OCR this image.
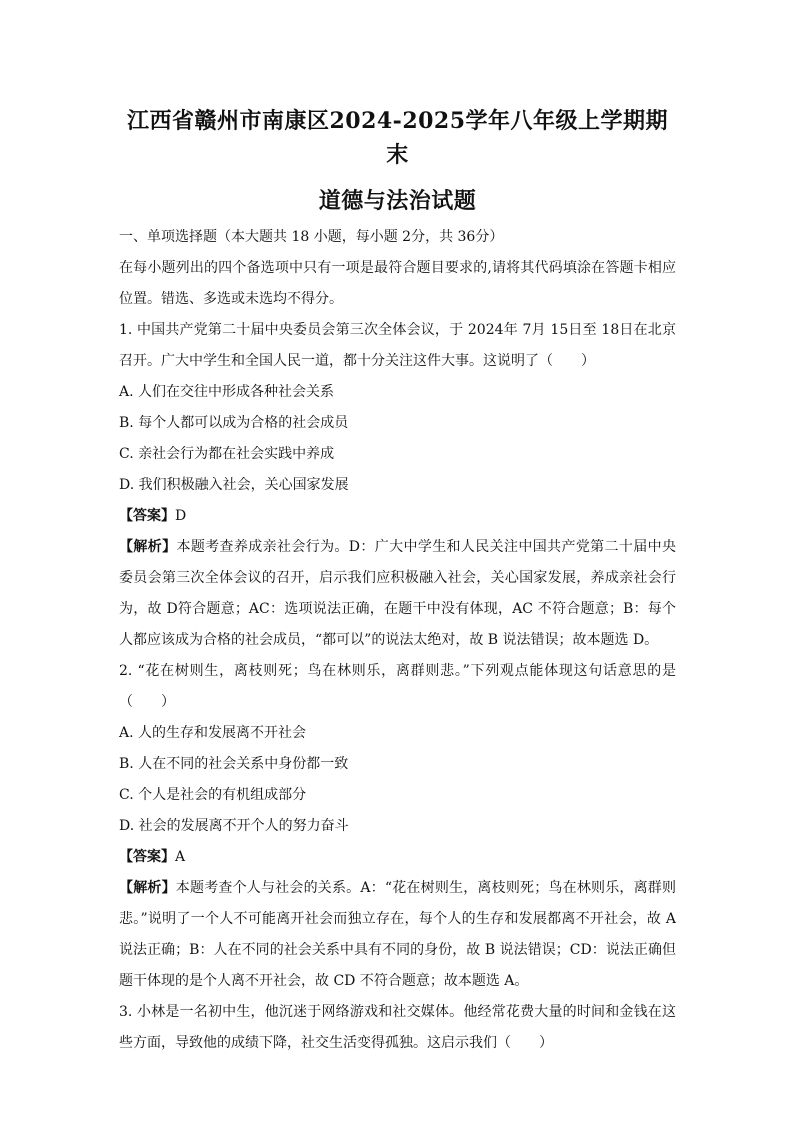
江西省赣州市南康区2024-2025学年八年级上学期期末
道德与法治试题
一、单项选择题（本大题共 18 小题，每小题 2分，共 36分）
在每小题列出的四个备选项中只有一项是最符合题目要求的,请将其代码填涂在答题卡相应位置。错选、多选或未选均不得分。
1. 中国共产党第二十届中央委员会第三次全体会议，于 2024年 7月 15日至 18日在北京召开。广大中学生和全国人民一道，都十分关注这件大事。这说明了（　　）
A. 人们在交往中形成各种社会关系
B. 每个人都可以成为合格的社会成员
C. 亲社会行为都在社会实践中养成
D. 我们积极融入社会，关心国家发展
【答案】D
【解析】本题考查养成亲社会行为。D：广大中学生和人民关注中国共产党第二十届中央委员会第三次全体会议的召开，启示我们应积极融入社会，关心国家发展，养成亲社会行为，故 D符合题意；AC：选项说法正确，在题干中没有体现，AC 不符合题意；B：每个人都应该成为合格的社会成员，“都可以”的说法太绝对，故 B 说法错误；故本题选 D。
2. “花在树则生，离枝则死；鸟在林则乐，离群则悲。”下列观点能体现这句话意思的是（　　）
A. 人的生存和发展离不开社会
B. 人在不同的社会关系中身份都一致
C. 个人是社会的有机组成部分
D. 社会的发展离不开个人的努力奋斗
【答案】A
【解析】本题考查个人与社会的关系。A：“花在树则生，离枝则死；鸟在林则乐，离群则悲。”说明了一个人不可能离开社会而独立存在，每个人的生存和发展都离不开社会，故 A说法正确；B：人在不同的社会关系中具有不同的身份，故 B 说法错误；CD：说法正确但题干体现的是个人离不开社会，故 CD 不符合题意；故本题选 A。
3. 小林是一名初中生，他沉迷于网络游戏和社交媒体。他经常花费大量的时间和金钱在这些方面，导致他的成绩下降，社交生活变得孤独。这启示我们（　　）
